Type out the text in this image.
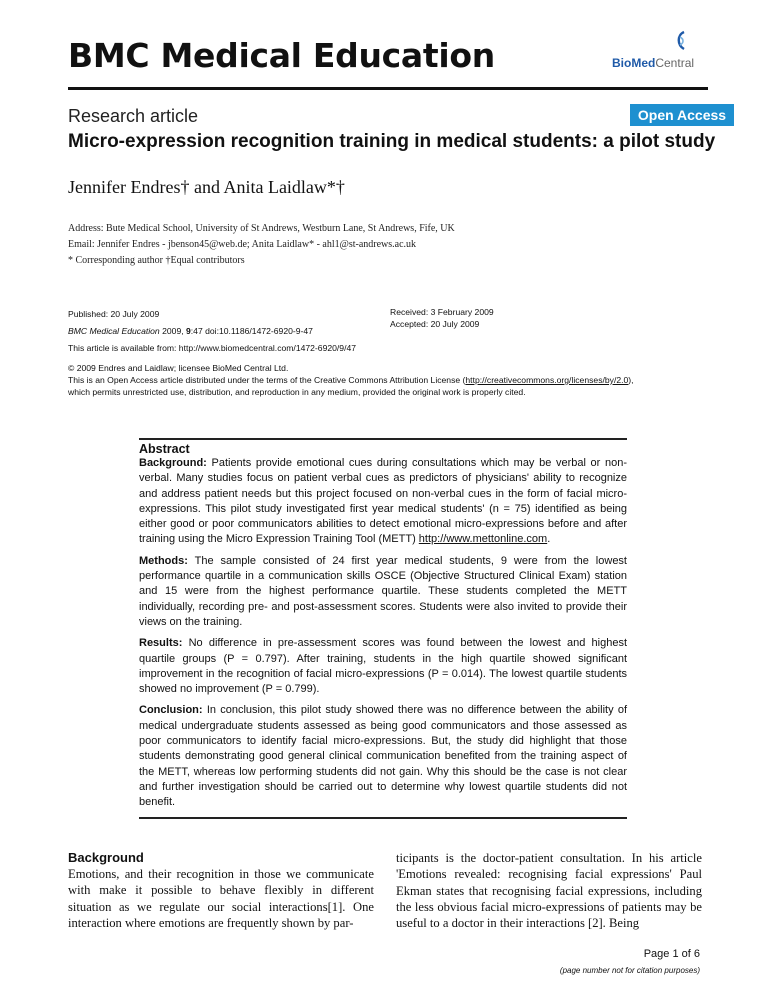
BMC Medical Education	BioMedCentral
Research article	Open Access
Micro-expression recognition training in medical students: a pilot study
Jennifer Endres† and Anita Laidlaw*†
Address: Bute Medical School, University of St Andrews, Westburn Lane, St Andrews, Fife, UK
Email: Jennifer Endres - jbenson45@web.de; Anita Laidlaw* - ahl1@st-andrews.ac.uk
* Corresponding author †Equal contributors
Published: 20 July 2009
BMC Medical Education 2009, 9:47 doi:10.1186/1472-6920-9-47
This article is available from: http://www.biomedcentral.com/1472-6920/9/47
Received: 3 February 2009
Accepted: 20 July 2009
© 2009 Endres and Laidlaw; licensee BioMed Central Ltd.
This is an Open Access article distributed under the terms of the Creative Commons Attribution License (http://creativecommons.org/licenses/by/2.0),
which permits unrestricted use, distribution, and reproduction in any medium, provided the original work is properly cited.
Abstract

Background: Patients provide emotional cues during consultations which may be verbal or non-verbal. Many studies focus on patient verbal cues as predictors of physicians' ability to recognize and address patient needs but this project focused on non-verbal cues in the form of facial micro-expressions. This pilot study investigated first year medical students' (n = 75) identified as being either good or poor communicators abilities to detect emotional micro-expressions before and after training using the Micro Expression Training Tool (METT) http://www.mettonline.com.

Methods: The sample consisted of 24 first year medical students, 9 were from the lowest performance quartile in a communication skills OSCE (Objective Structured Clinical Exam) station and 15 were from the highest performance quartile. These students completed the METT individually, recording pre- and post-assessment scores. Students were also invited to provide their views on the training.

Results: No difference in pre-assessment scores was found between the lowest and highest quartile groups (P = 0.797). After training, students in the high quartile showed significant improvement in the recognition of facial micro-expressions (P = 0.014). The lowest quartile students showed no improvement (P = 0.799).

Conclusion: In conclusion, this pilot study showed there was no difference between the ability of medical undergraduate students assessed as being good communicators and those assessed as poor communicators to identify facial micro-expressions. But, the study did highlight that those students demonstrating good general clinical communication benefited from the training aspect of the METT, whereas low performing students did not gain. Why this should be the case is not clear and further investigation should be carried out to determine why lowest quartile students did not benefit.

Background

Emotions, and their recognition in those we communicate with make it possible to behave flexibly in different situation as we regulate our social interactions[1]. One interaction where emotions are frequently shown by par-

ticipants is the doctor-patient consultation. In his article 'Emotions revealed: recognising facial expressions' Paul Ekman states that recognising facial expressions, including the less obvious facial micro-expressions of patients may be useful to a doctor in their interactions [2]. Being

Page 1 of 6
(page number not for citation purposes)
